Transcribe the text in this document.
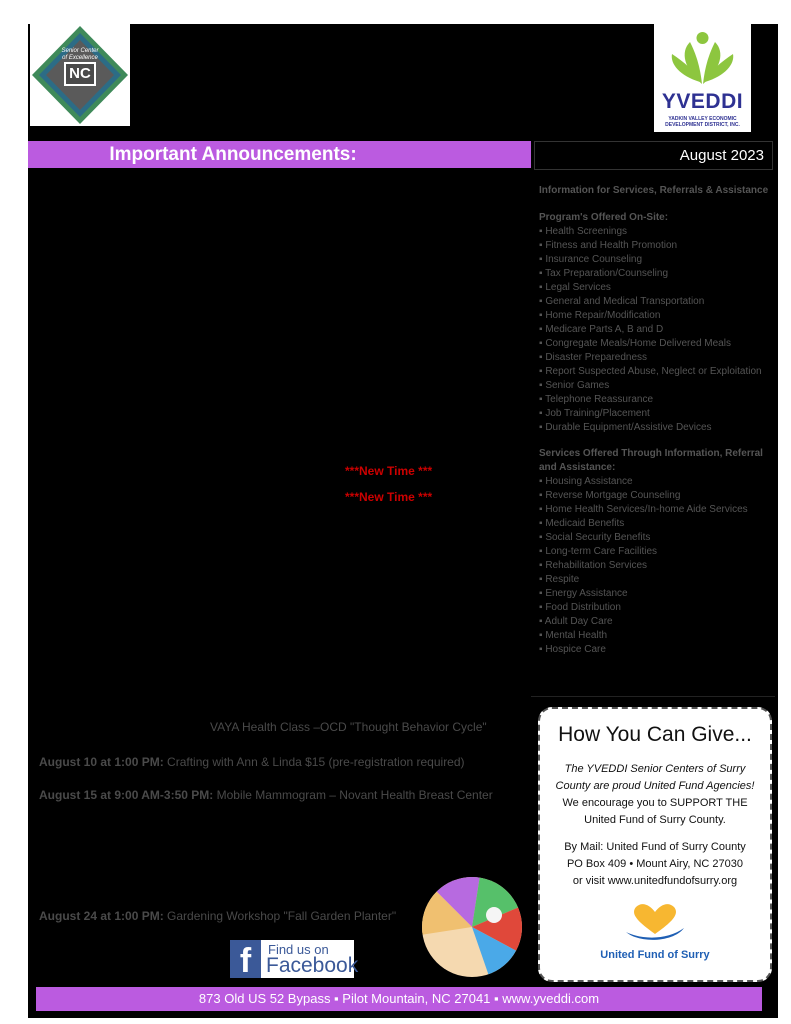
Senior Center
of Excellence
NC
YVEDDI
YADKIN VALLEY ECONOMIC DEVELOPMENT DISTRICT, INC.
Important Announcements:	August 2023
Information for Services, Referrals & Assistance
Program's Offered On-Site:
▪ Health Screenings
▪ Fitness and Health Promotion
▪ Insurance Counseling
▪ Tax Preparation/Counseling
▪ Legal Services
▪ General and Medical Transportation
▪ Home Repair/Modification
▪ Medicare Parts A, B and D
▪ Congregate Meals/Home Delivered Meals
▪ Disaster Preparedness
▪ Report Suspected Abuse, Neglect or Exploitation
▪ Senior Games
▪ Telephone Reassurance
▪ Job Training/Placement
▪ Durable Equipment/Assistive Devices
Services Offered Through Information, Referral and Assistance:
▪ Housing Assistance
▪ Reverse Mortgage Counseling
▪ Home Health Services/In-home Aide Services
▪ Medicaid Benefits
▪ Social Security Benefits
▪ Long-term Care Facilities
▪ Rehabilitation Services
▪ Respite
▪ Energy Assistance
▪ Food Distribution
▪ Adult Day Care
▪ Mental Health
▪ Hospice Care
***New Time ***
***New Time ***
VAYA Health Class –OCD "Thought Behavior Cycle"
August 10 at 1:00 PM: Crafting with Ann & Linda $15 (pre-registration required)
August 15 at 9:00 AM-3:50 PM: Mobile Mammogram – Novant Health Breast Center
August 24 at 1:00 PM: Gardening Workshop "Fall Garden Planter"
f	Find us on
Facebook
How You Can Give...
The YVEDDI Senior Centers of Surry
County are proud United Fund Agencies!
We encourage you to SUPPORT THE
United Fund of Surry County.
By Mail: United Fund of Surry County
PO Box 409 • Mount Airy, NC 27030
or visit www.unitedfundofsurry.org
United Fund of Surry
873 Old US 52 Bypass ▪ Pilot Mountain, NC 27041 ▪ www.yveddi.com
